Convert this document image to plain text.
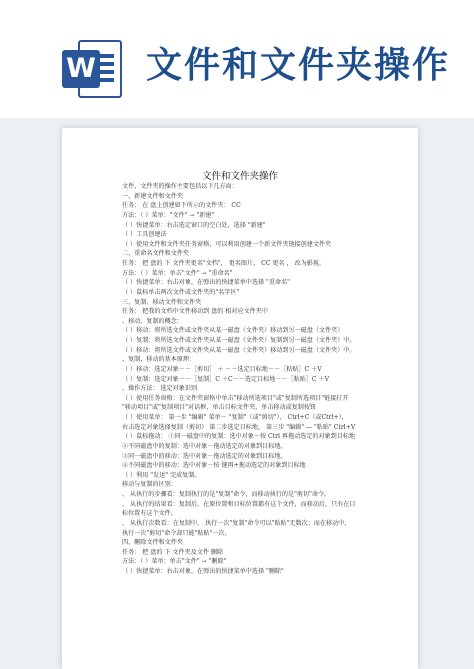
W 文件和文件夹操作
文件和文件夹操作
文件、文件夹的操作主要包括以下几方面：
一、新建文件和文件夹
任务： 在 盘上创建如下所示的文件夹： CC
方法：（ ）菜单："文件" → "新建"
（ ）快捷菜单：右击选定窗口的空白处，选择 "新建"
（ ）工具创建法
（ ）使用文件和文件夹任务窗格，可以利用创建一个新文件夹链接创建文件夹
二、重命名文件和文件夹
任务： 把 盘的 下 文件夹更名"文档"， 更名图片， CC 更名 ， 改为影视。
方法：（ ）菜单：单击"文件" → "重命名"
（ ）快捷菜单：右击对象，在弹出的快捷菜单中选择 "重命名"
（ ）鼠标单击两次文件或文件夹的"名字区"
三、复制、移动文件和文件夹
任务： 把我的文档中文件移动到 盘的 相对应文件夹中
、移动、复制的概念：
（ ）移动：将所选文件或文件夹从某一磁盘（文件夹）移动到另一磁盘（文件夹）
（ ）复制：将所选文件或文件夹从某一磁盘（文件夹）复制到另一磁盘（文件夹）中。
（ ）移动：将所选文件或文件夹从某一磁盘（文件夹）移动到另一磁盘（文件夹）中。
、复制、移动的基本原理：
（ ）移动：选定对象－－［剪切］ ＋ －－选定目标地－－［粘贴］C ＋V
（ ）复制：选定对象－－［复制］C ＋C－－选定目标地－－［粘贴］C ＋V
、操作方法： 选定对象识别
（ ）使用任务窗格：在文件夹窗格中单击"移动所选项目"或"复制所选项目"链接打开
"移动项目"或"复制项目"对话框，单击目标文件夹，单击移动或复制按钮
（ ）使用菜单： 第一步 "编辑" 菜单－ "复制"（或"剪切"）、 Ctrl+C（或Ctrl+），
右击选定对象选择复制（剪切） 第二步选定目标地， 第三步 "编辑" ― "粘贴" Ctrl+V
（ ）鼠标拖动： ①同一磁盘中的复制：选中对象－按 Ctrl 再拖动选定的对象到目标地
②不同磁盘中的复制：选中对象－拖动选定的对象到目标地。
③同一磁盘中的移动：选中对象－拖动选定的对象到目标地。
④不同磁盘中的移动：选中对象－按 键再+拖动选定的对象到目标地
（ ）利用 "发送" 完成复制。
移动与复制的区别：
、 从执行的步骤看：复制执行的是"复制"命令，而移动执行的是"剪切"命令。
、 从执行的结果看：复制后，在原位置和目标位置都有这个文件，而移动后，只有在目
标位置有这个文件。
、 从执行次数看：在复制中， 执行一次"复制"命令可以"粘贴"无数次；而在移动中，
执行一次"剪切"命令却只能"粘贴"一次。
四、删除文件和文件夹
任务： 把 盘的 下 文件夹及文件 删除
方法：（ ）菜单：单击"文件" → "删除"
（ ）快捷菜单：右击对象，在弹出的快捷菜单中选择 "删除"
